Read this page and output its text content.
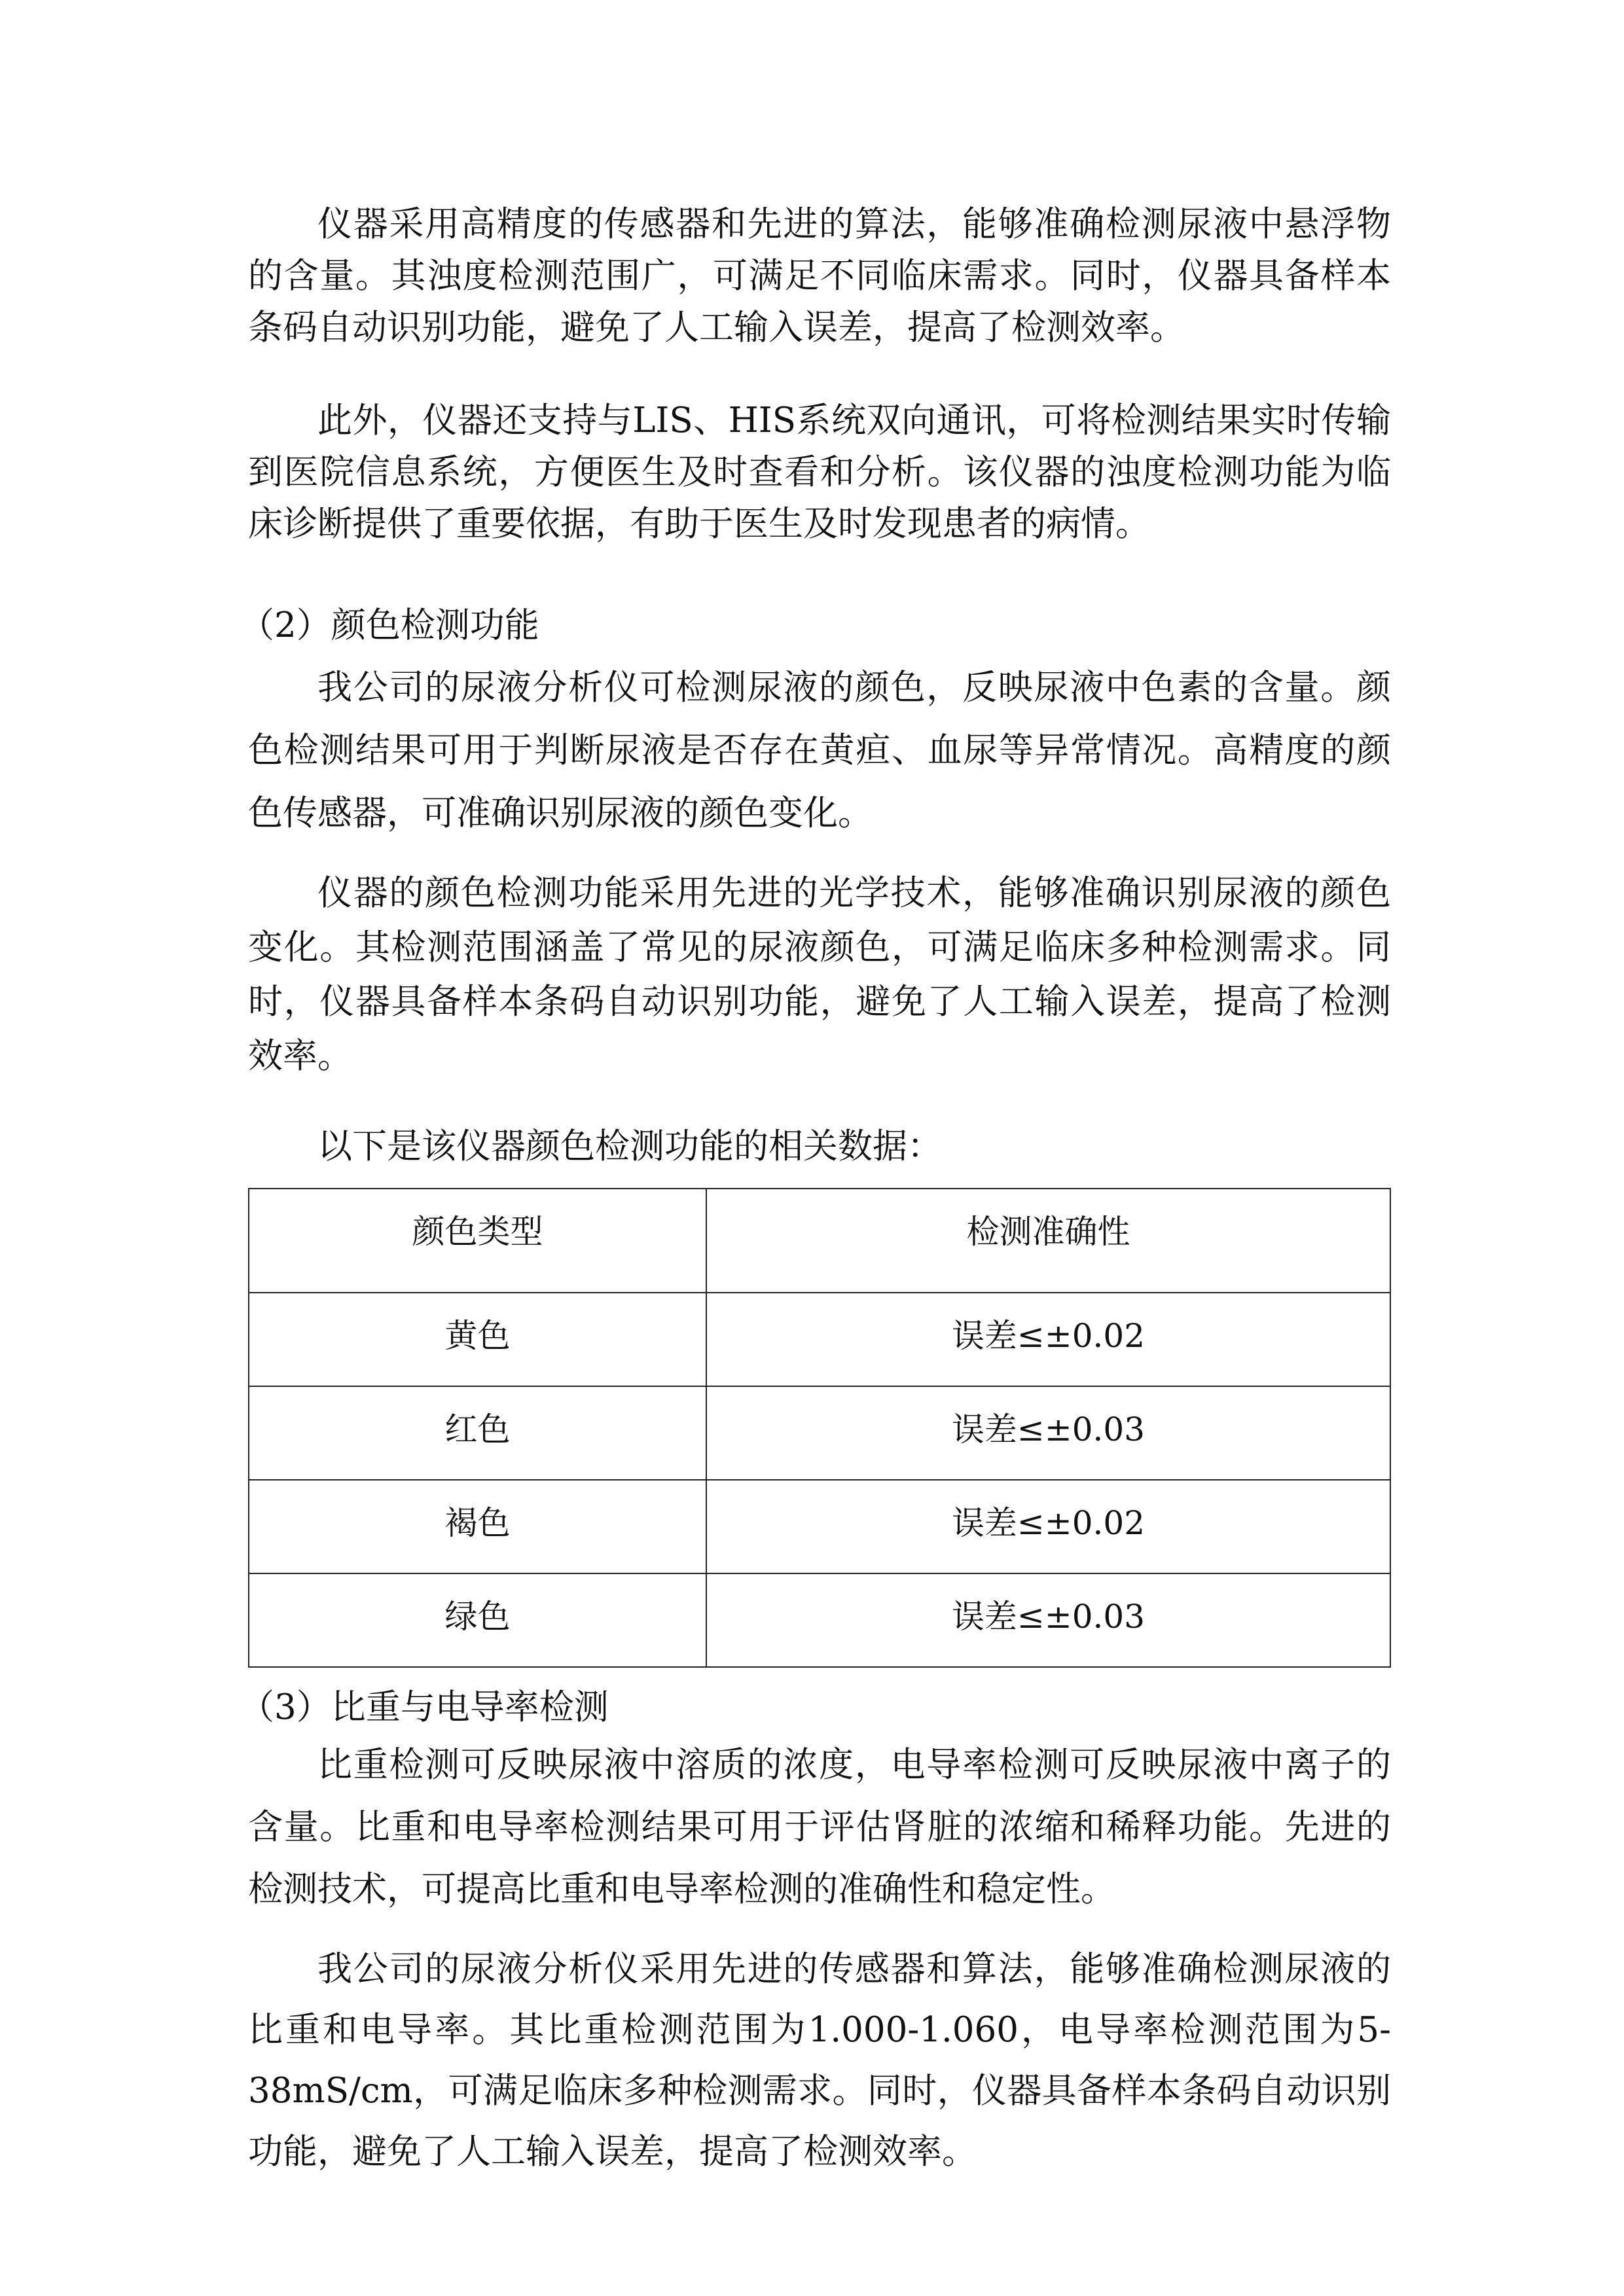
仪器采用高精度的传感器和先进的算法，能够准确检测尿液中悬浮物的含量。其浊度检测范围广，可满足不同临床需求。同时，仪器具备样本条码自动识别功能，避免了人工输入误差，提高了检测效率。

此外，仪器还支持与LIS、HIS系统双向通讯，可将检测结果实时传输到医院信息系统，方便医生及时查看和分析。该仪器的浊度检测功能为临床诊断提供了重要依据，有助于医生及时发现患者的病情。

（2）颜色检测功能

我公司的尿液分析仪可检测尿液的颜色，反映尿液中色素的含量。颜色检测结果可用于判断尿液是否存在黄疸、血尿等异常情况。高精度的颜色传感器，可准确识别尿液的颜色变化。

仪器的颜色检测功能采用先进的光学技术，能够准确识别尿液的颜色变化。其检测范围涵盖了常见的尿液颜色，可满足临床多种检测需求。同时，仪器具备样本条码自动识别功能，避免了人工输入误差，提高了检测效率。

以下是该仪器颜色检测功能的相关数据：

颜色类型	检测准确性
黄色	误差≤±0.02
红色	误差≤±0.03
褐色	误差≤±0.02
绿色	误差≤±0.03

（3）比重与电导率检测

比重检测可反映尿液中溶质的浓度，电导率检测可反映尿液中离子的含量。比重和电导率检测结果可用于评估肾脏的浓缩和稀释功能。先进的检测技术，可提高比重和电导率检测的准确性和稳定性。

我公司的尿液分析仪采用先进的传感器和算法，能够准确检测尿液的比重和电导率。其比重检测范围为1.000-1.060，电导率检测范围为5-38mS/cm，可满足临床多种检测需求。同时，仪器具备样本条码自动识别功能，避免了人工输入误差，提高了检测效率。
